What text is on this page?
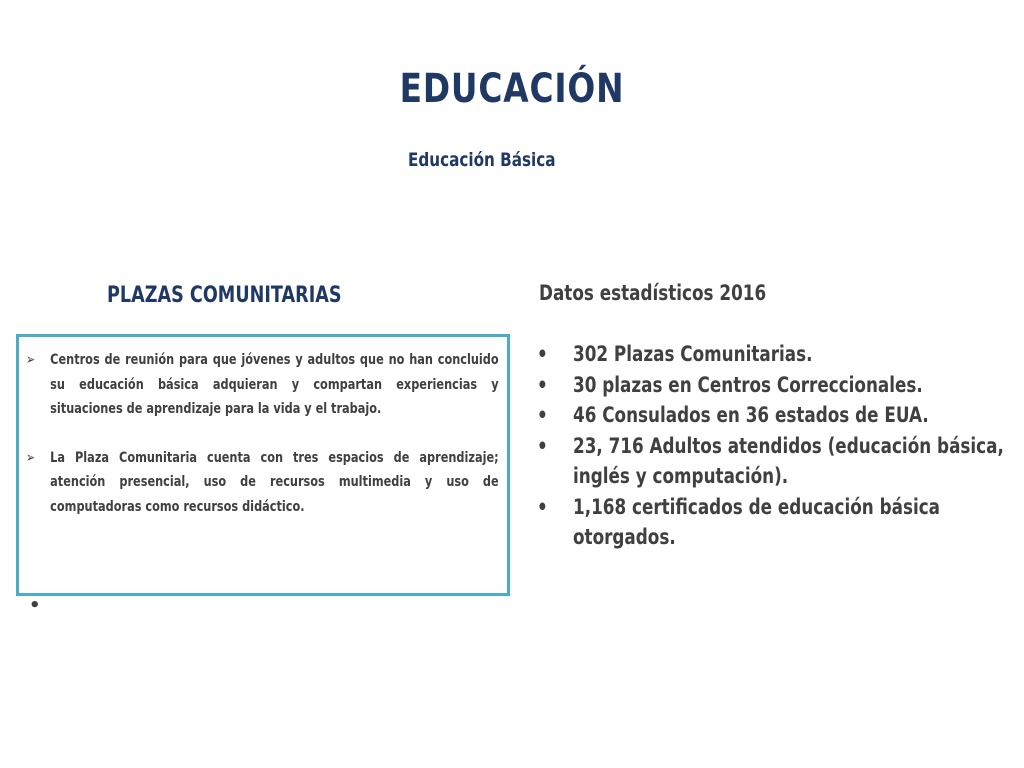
EDUCACIÓN
Educación Básica
PLAZAS COMUNITARIAS

➢ Centros de reunión para que jóvenes y adultos que no han concluido su educación básica adquieran y compartan experiencias y situaciones de aprendizaje para la vida y el trabajo.

➢ La Plaza Comunitaria cuenta con tres espacios de aprendizaje; atención presencial, uso de recursos multimedia y uso de computadoras como recursos didáctico.

•
Datos estadísticos 2016
• 302 Plazas Comunitarias.
• 30 plazas en Centros Correccionales.
• 46 Consulados en 36 estados de EUA.
• 23, 716 Adultos atendidos (educación básica, inglés y computación).
• 1,168 certificados de educación básica otorgados.
